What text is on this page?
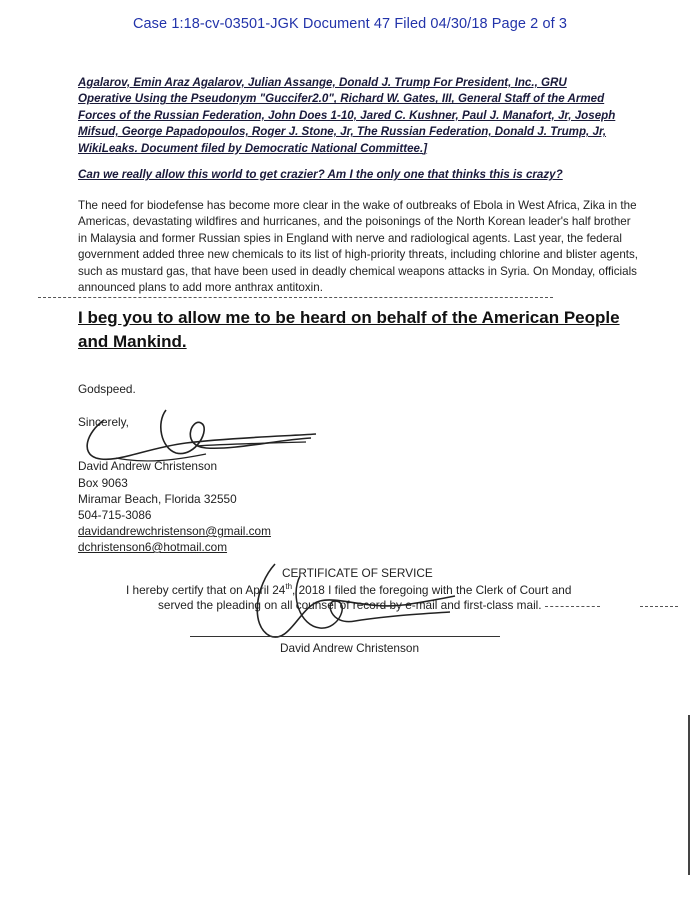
Case 1:18-cv-03501-JGK Document 47 Filed 04/30/18 Page 2 of 3
Agalarov, Emin Araz Agalarov, Julian Assange, Donald J. Trump For President, Inc., GRU Operative Using the Pseudonym "Guccifer2.0", Richard W. Gates, III, General Staff of the Armed Forces of the Russian Federation, John Does 1-10, Jared C. Kushner, Paul J. Manafort, Jr, Joseph Mifsud, George Papadopoulos, Roger J. Stone, Jr, The Russian Federation, Donald J. Trump, Jr, WikiLeaks. Document filed by Democratic National Committee.]
Can we really allow this world to get crazier? Am I the only one that thinks this is crazy?
The need for biodefense has become more clear in the wake of outbreaks of Ebola in West Africa, Zika in the Americas, devastating wildfires and hurricanes, and the poisonings of the North Korean leader's half brother in Malaysia and former Russian spies in England with nerve and radiological agents. Last year, the federal government added three new chemicals to its list of high-priority threats, including chlorine and blister agents, such as mustard gas, that have been used in deadly chemical weapons attacks in Syria. On Monday, officials announced plans to add more anthrax antitoxin.
I beg you to allow me to be heard on behalf of the American People and Mankind.
Godspeed.
Sincerely,
David Andrew Christenson
Box 9063
Miramar Beach, Florida 32550
504-715-3086
davidandrewchristenson@gmail.com
dchristenson6@hotmail.com
CERTIFICATE OF SERVICE
I hereby certify that on April 24th, 2018 I filed the foregoing with the Clerk of Court and
served the pleading on all counsel of record by e-mail and first-class mail.
David Andrew Christenson
